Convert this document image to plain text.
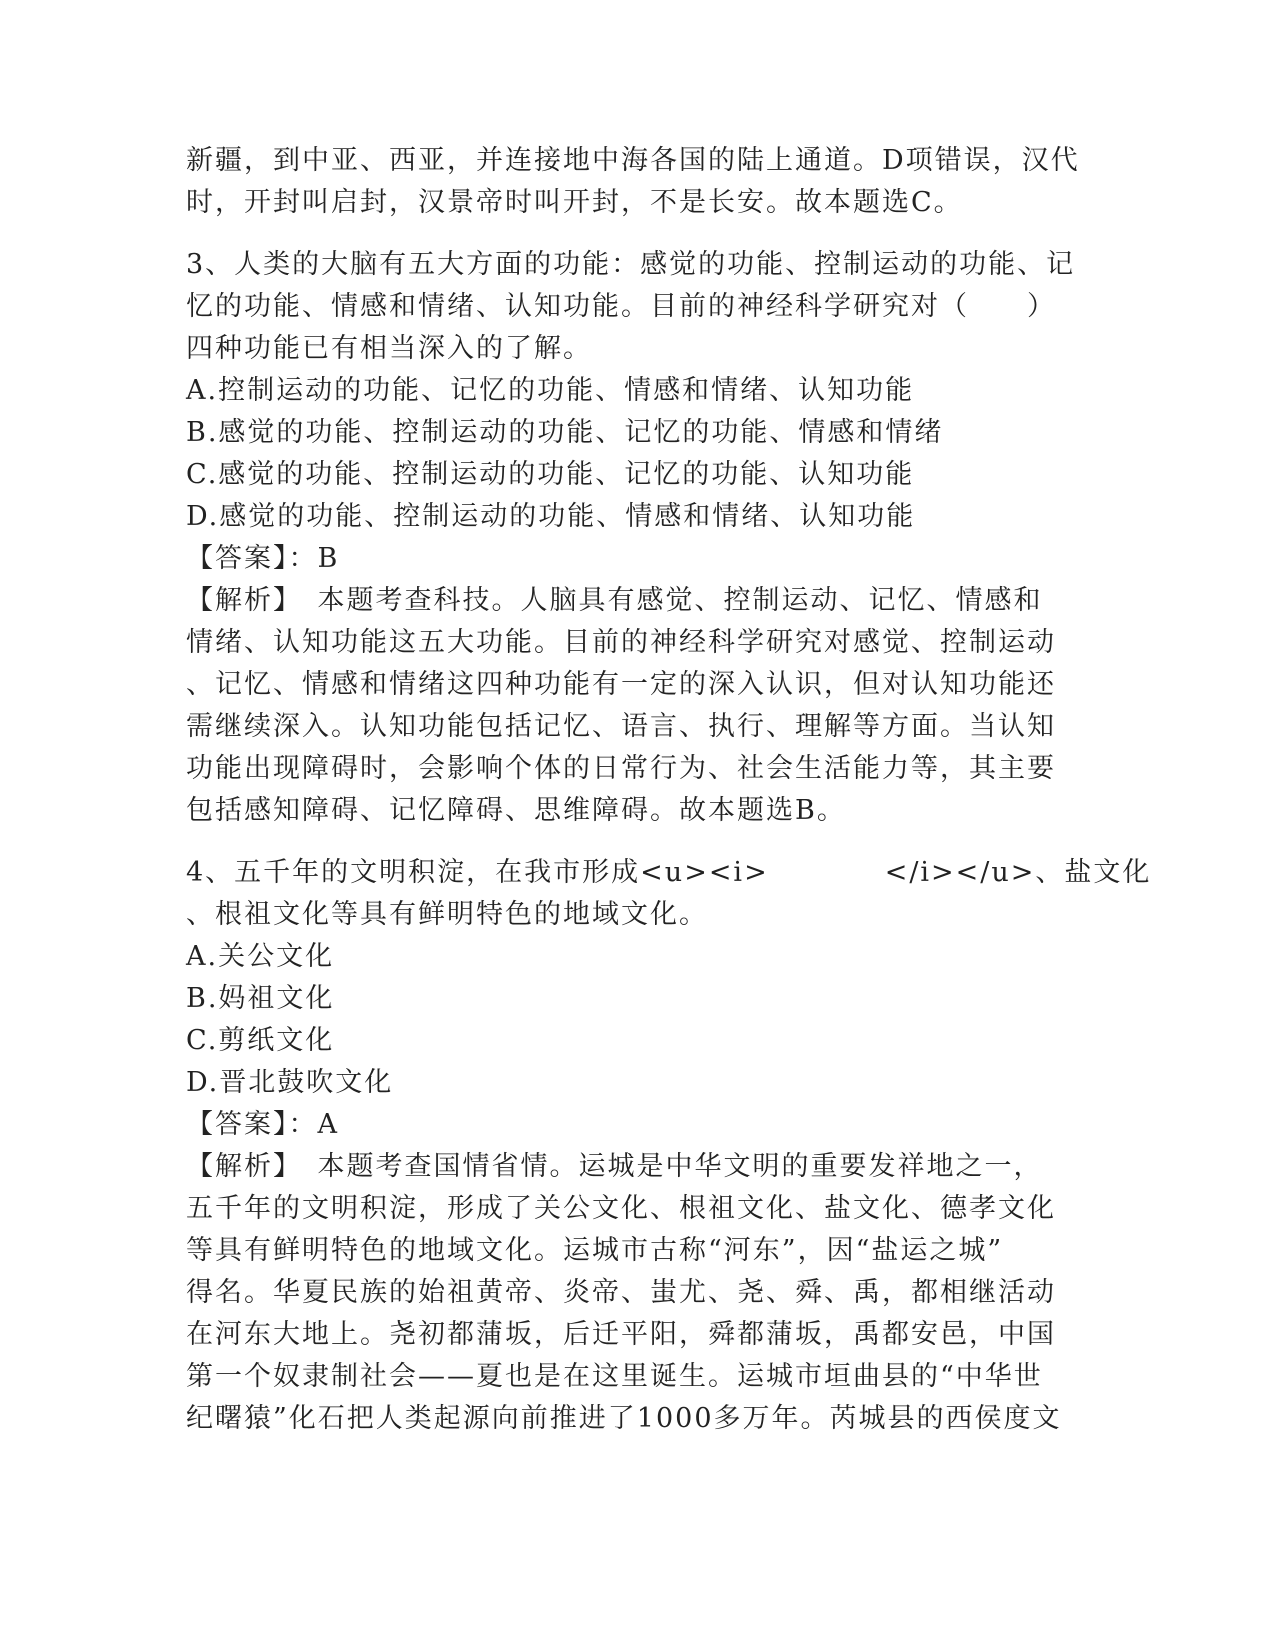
新疆，到中亚、西亚，并连接地中海各国的陆上通道。D项错误，汉代

时，开封叫启封，汉景帝时叫开封，不是长安。故本题选C。

3、人类的大脑有五大方面的功能：感觉的功能、控制运动的功能、记

忆的功能、情感和情绪、认知功能。目前的神经科学研究对（　　）

四种功能已有相当深入的了解。

A.控制运动的功能、记忆的功能、情感和情绪、认知功能

B.感觉的功能、控制运动的功能、记忆的功能、情感和情绪

C.感觉的功能、控制运动的功能、记忆的功能、认知功能

D.感觉的功能、控制运动的功能、情感和情绪、认知功能

【答案】：B

【解析】　本题考查科技。人脑具有感觉、控制运动、记忆、情感和

情绪、认知功能这五大功能。目前的神经科学研究对感觉、控制运动

、记忆、情感和情绪这四种功能有一定的深入认识，但对认知功能还

需继续深入。认知功能包括记忆、语言、执行、理解等方面。当认知

功能出现障碍时，会影响个体的日常行为、社会生活能力等，其主要

包括感知障碍、记忆障碍、思维障碍。故本题选B。

4、五千年的文明积淀，在我市形成<u><i>　　　　</i></u>、盐文化

、根祖文化等具有鲜明特色的地域文化。

A.关公文化

B.妈祖文化

C.剪纸文化

D.晋北鼓吹文化

【答案】：A

【解析】　本题考查国情省情。运城是中华文明的重要发祥地之一，

五千年的文明积淀，形成了关公文化、根祖文化、盐文化、德孝文化

等具有鲜明特色的地域文化。运城市古称“河东”，因“盐运之城”

得名。华夏民族的始祖黄帝、炎帝、蚩尤、尧、舜、禹，都相继活动

在河东大地上。尧初都蒲坂，后迁平阳，舜都蒲坂，禹都安邑，中国

第一个奴隶制社会——夏也是在这里诞生。运城市垣曲县的“中华世

纪曙猿”化石把人类起源向前推进了1000多万年。芮城县的西侯度文
